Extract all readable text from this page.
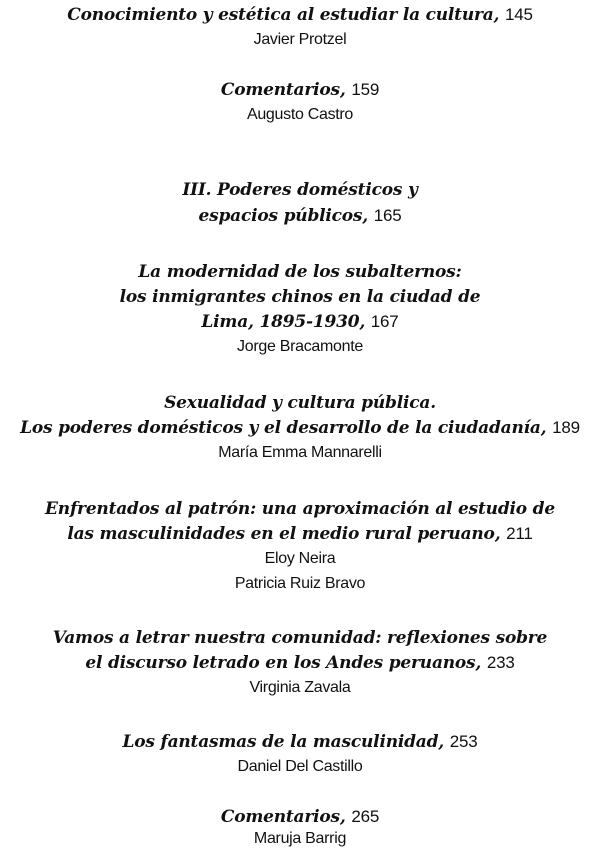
Conocimiento y estética al estudiar la cultura, 145
Javier Protzel
Comentarios, 159
Augusto Castro
III. Poderes domésticos y
espacios públicos, 165
La modernidad de los subalternos:
los inmigrantes chinos en la ciudad de
Lima, 1895-1930, 167
Jorge Bracamonte
Sexualidad y cultura pública.
Los poderes domésticos y el desarrollo de la ciudadanía, 189
María Emma Mannarelli
Enfrentados al patrón: una aproximación al estudio de
las masculinidades en el medio rural peruano, 211
Eloy Neira
Patricia Ruiz Bravo
Vamos a letrar nuestra comunidad: reflexiones sobre
el discurso letrado en los Andes peruanos, 233
Virginia Zavala
Los fantasmas de la masculinidad, 253
Daniel Del Castillo
Comentarios, 265
Maruja Barrig
